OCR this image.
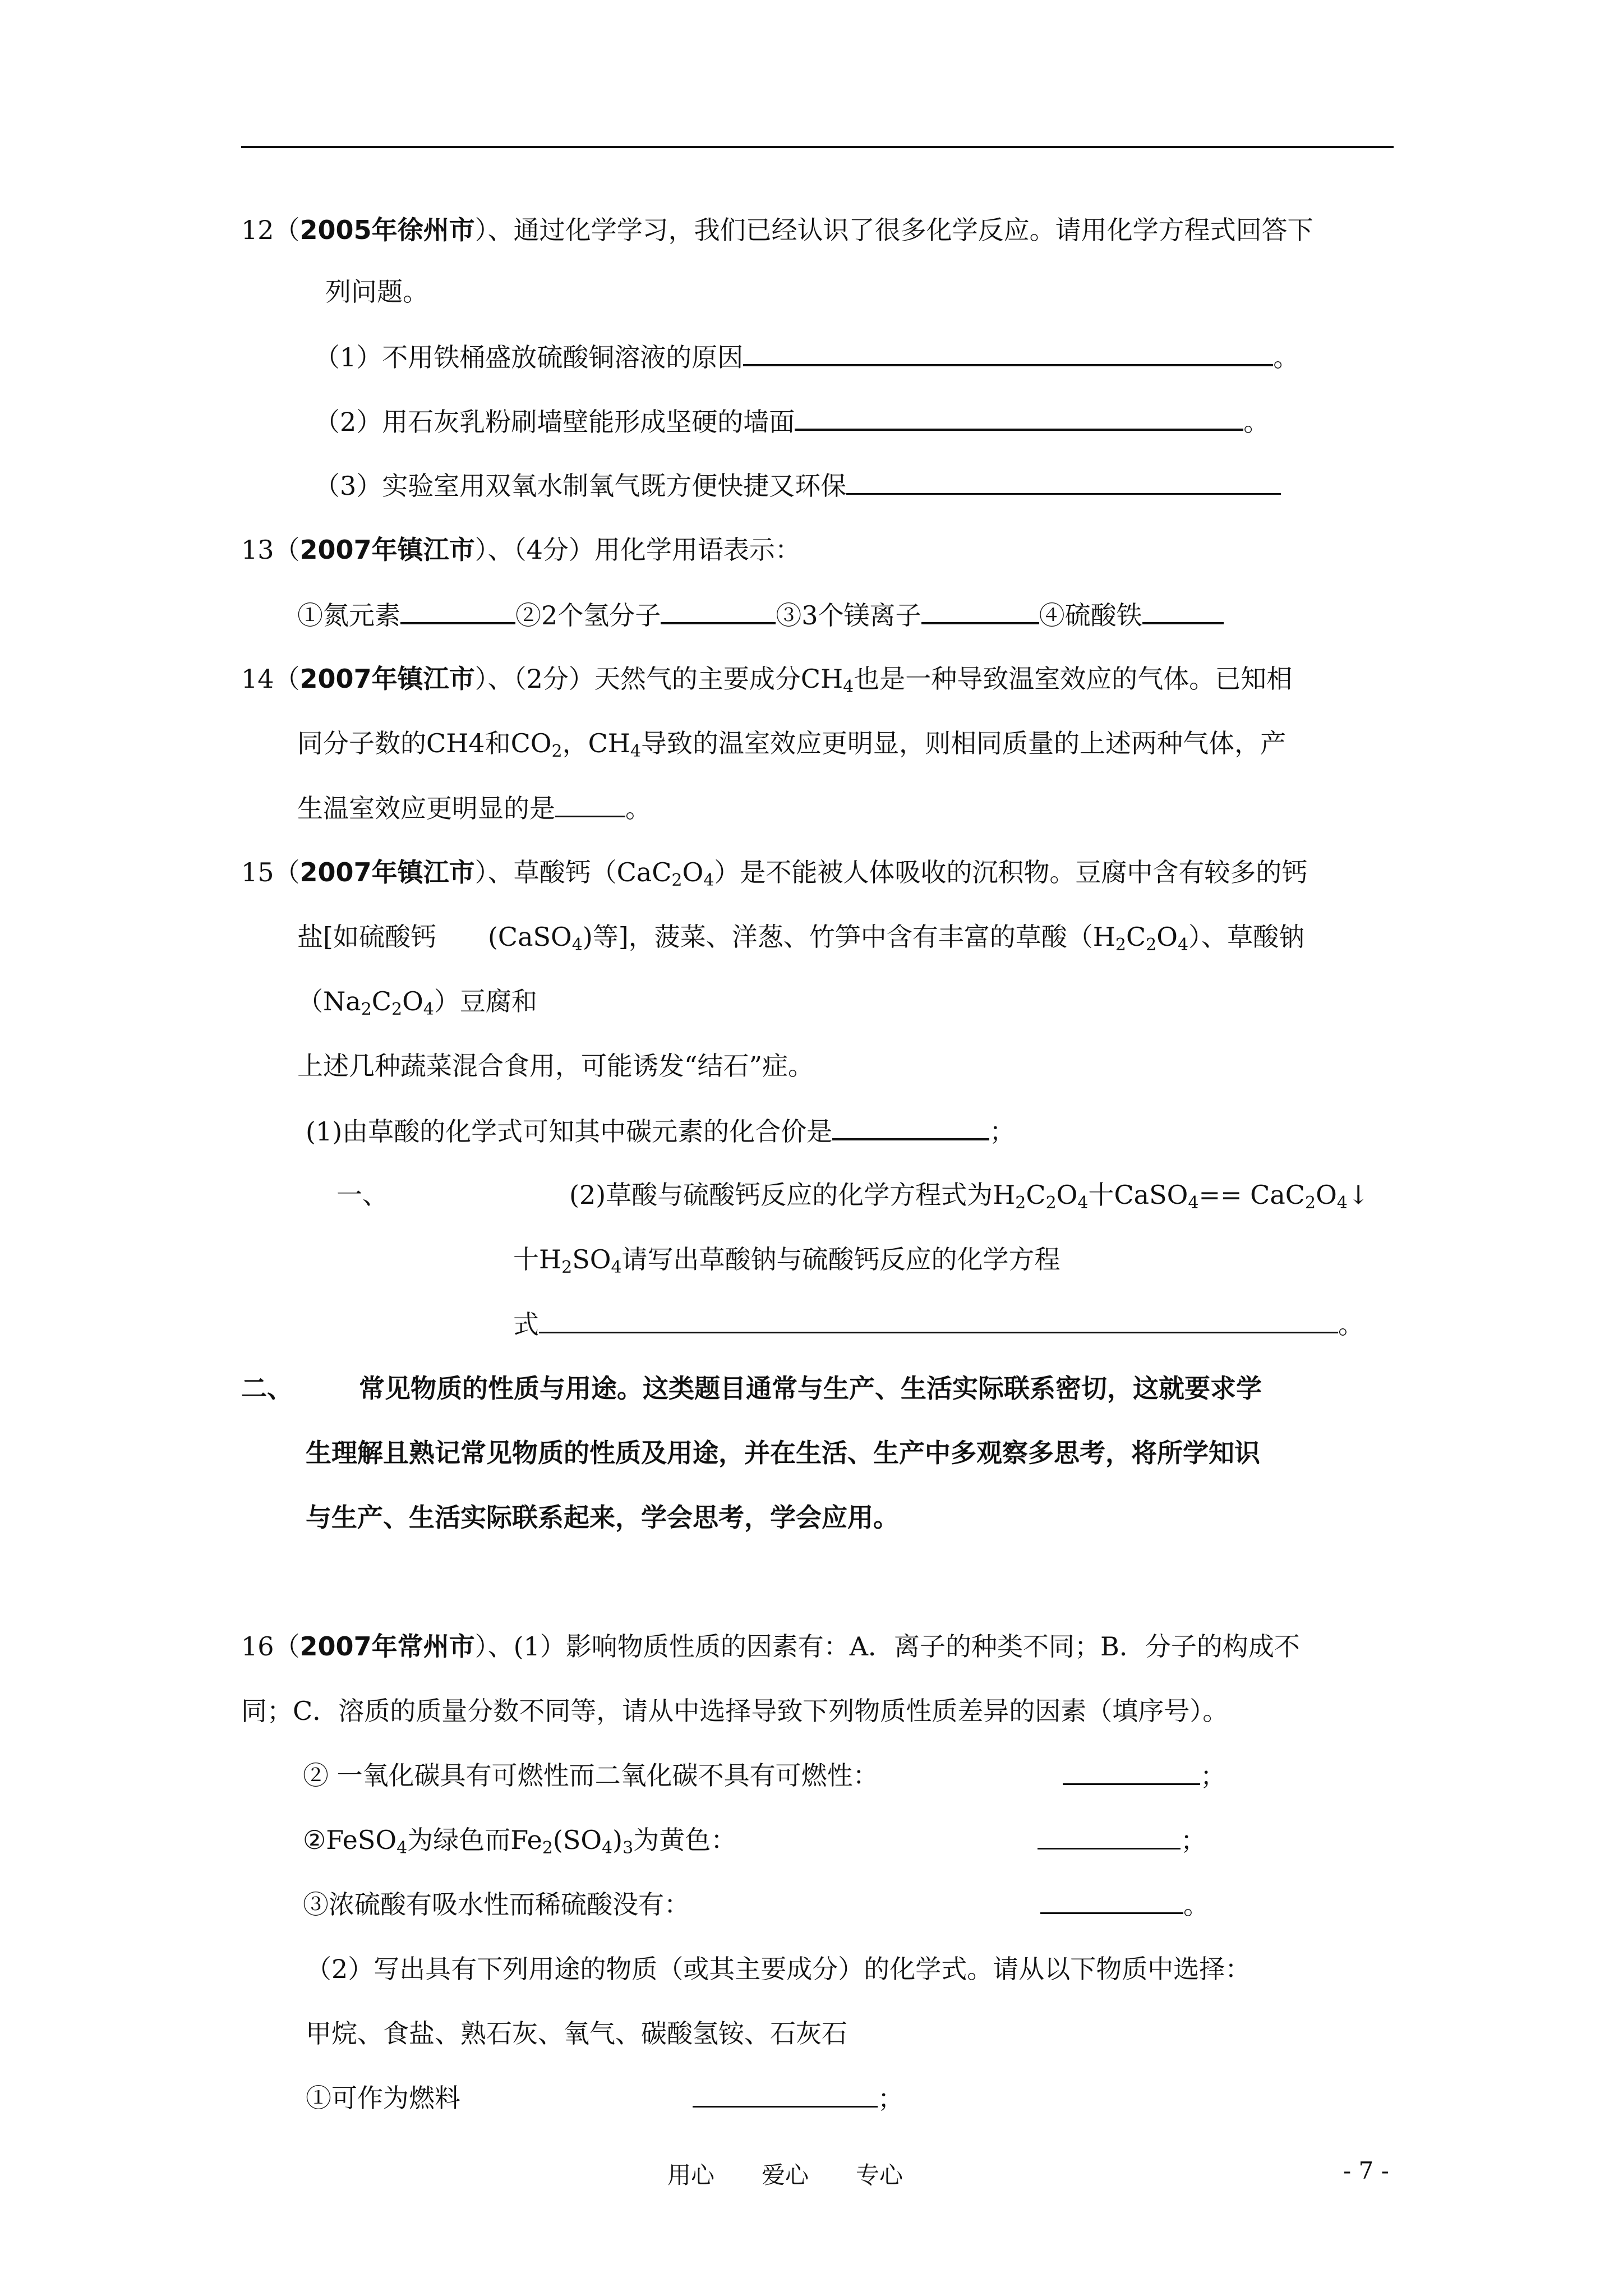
12（2005年徐州市）、通过化学学习，我们已经认识了很多化学反应。请用化学方程式回答下
列问题。
（1）不用铁桶盛放硫酸铜溶液的原因	。
（2）用石灰乳粉刷墙壁能形成坚硬的墙面	。
（3）实验室用双氧水制氧气既方便快捷又环保
13（2007年镇江市）、（4分）用化学用语表示：
①氮元素	②2个氢分子	③3个镁离子	④硫酸铁
14（2007年镇江市）、（2分）天然气的主要成分$CH_4$也是一种导致温室效应的气体。已知相
同分子数的CH4和$CO_2$，$CH_4$导致的温室效应更明显，则相同质量的上述两种气体，产
生温室效应更明显的是	。
15（2007年镇江市）、草酸钙$(CaC_2O_4)$是不能被人体吸收的沉积物。豆腐中含有较多的钙
盐[如硫酸钙　　(CaSO$_4$)等]，菠菜、洋葱、竹笋中含有丰富的草酸$(H_2C_2O_4)$、草酸钠
$(Na_2C_2O_4)$豆腐和
上述几种蔬菜混合食用，可能诱发“结石”症。
(1)由草酸的化学式可知其中碳元素的化合价是	；
一、	(2)草酸与硫酸钙反应的化学方程式为$H_2C_2O_4$十CaSO$_4$== $CaC_2O_4↓$
十$H_2SO_4$请写出草酸钠与硫酸钙反应的化学方程
式	。
二、	常见物质的性质与用途。这类题目通常与生产、生活实际联系密切，这就要求学
生理解且熟记常见物质的性质及用途，并在生活、生产中多观察多思考，将所学知识
与生产、生活实际联系起来，学会思考，学会应用。
16（2007年常州市）、(1）影响物质性质的因素有：A．离子的种类不同；B．分子的构成不
同；C．溶质的质量分数不同等，请从中选择导致下列物质性质差异的因素（填序号）。
② 一氧化碳具有可燃性而二氧化碳不具有可燃性：	；
②FeSO$_4$为绿色而$Fe_2(SO_4)_3$为黄色：	；
③浓硫酸有吸水性而稀硫酸没有：	。
（2）写出具有下列用途的物质（或其主要成分）的化学式。请从以下物质中选择：
甲烷、食盐、熟石灰、氧气、碳酸氢铵、石灰石
①可作为燃料	；
用心　　爱心　　专心	- 7 -
